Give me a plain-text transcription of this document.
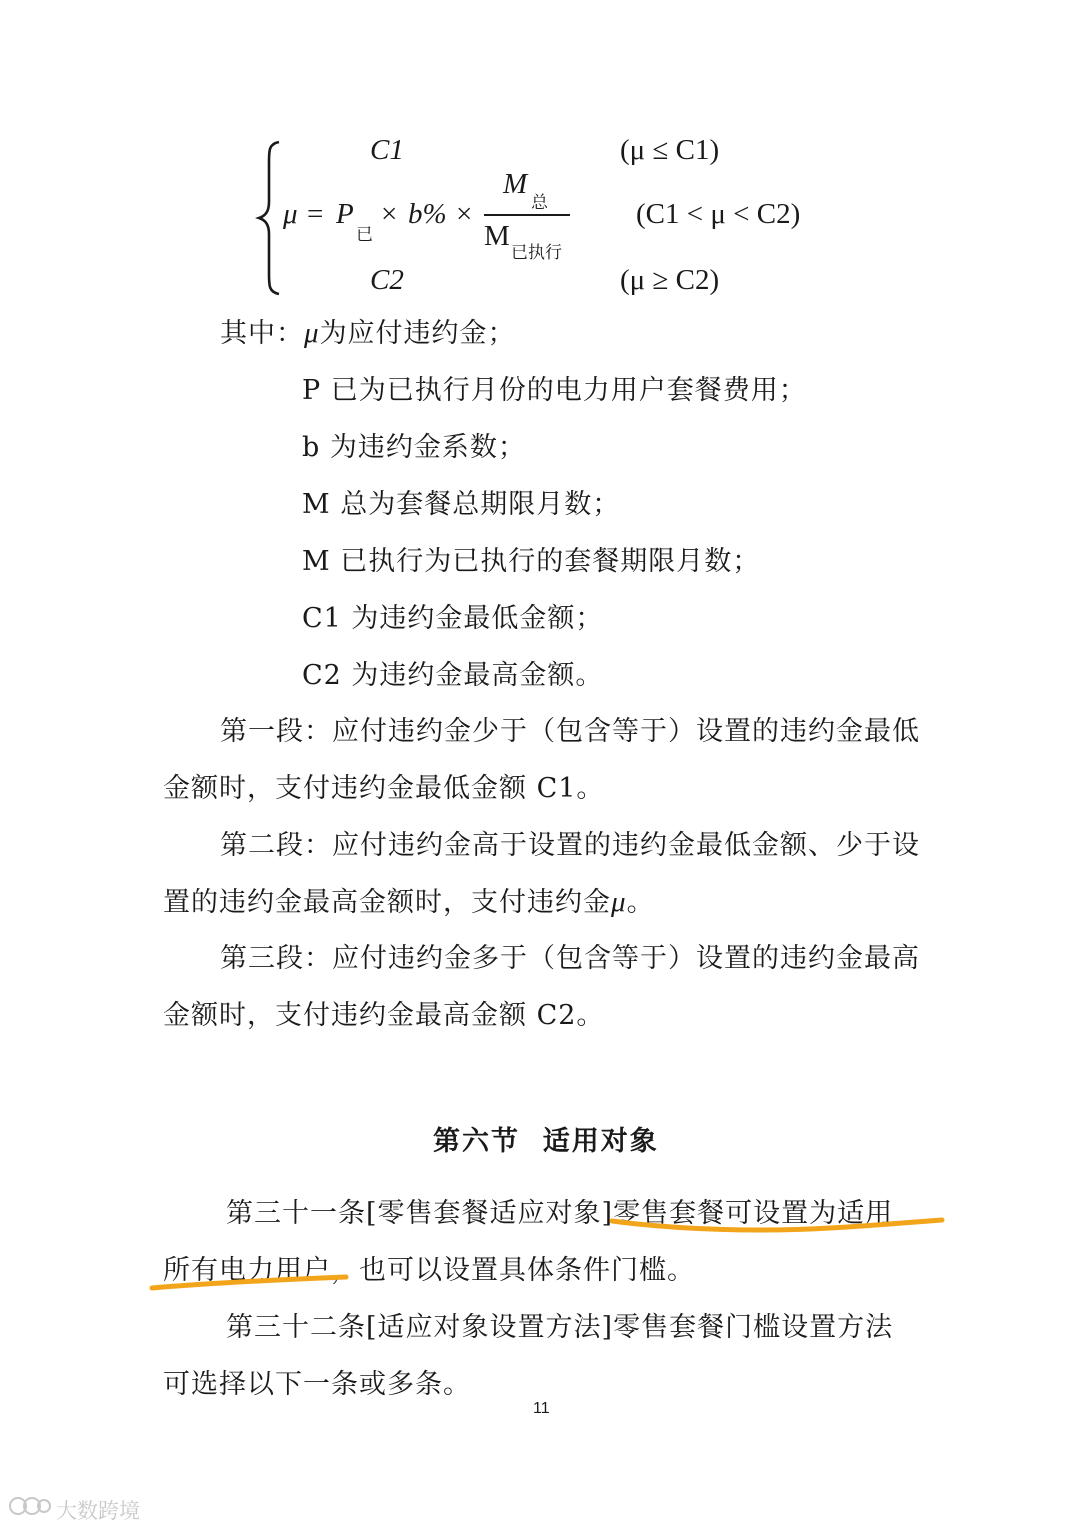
C1	(μ ≤ C1)
μ = P
已
× b% ×
M
总
M
已执行
(C1 < μ < C2)
C2	(μ ≥ C2)
其中：μ为应付违约金；
P 已为已执行月份的电力用户套餐费用；
b 为违约金系数；
M 总为套餐总期限月数；
M 已执行为已执行的套餐期限月数；
C1 为违约金最低金额；
C2 为违约金最高金额。
第一段：应付违约金少于（包含等于）设置的违约金最低
金额时，支付违约金最低金额 C1。
第二段：应付违约金高于设置的违约金最低金额、少于设
置的违约金最高金额时，支付违约金μ。
第三段：应付违约金多于（包含等于）设置的违约金最高
金额时，支付违约金最高金额 C2。
第六节  适用对象
第三十一条[零售套餐适应对象]零售套餐可设置为适用
所有电力用户，也可以设置具体条件门槛。
第三十二条[适应对象设置方法]零售套餐门槛设置方法
可选择以下一条或多条。
11
大数跨境
